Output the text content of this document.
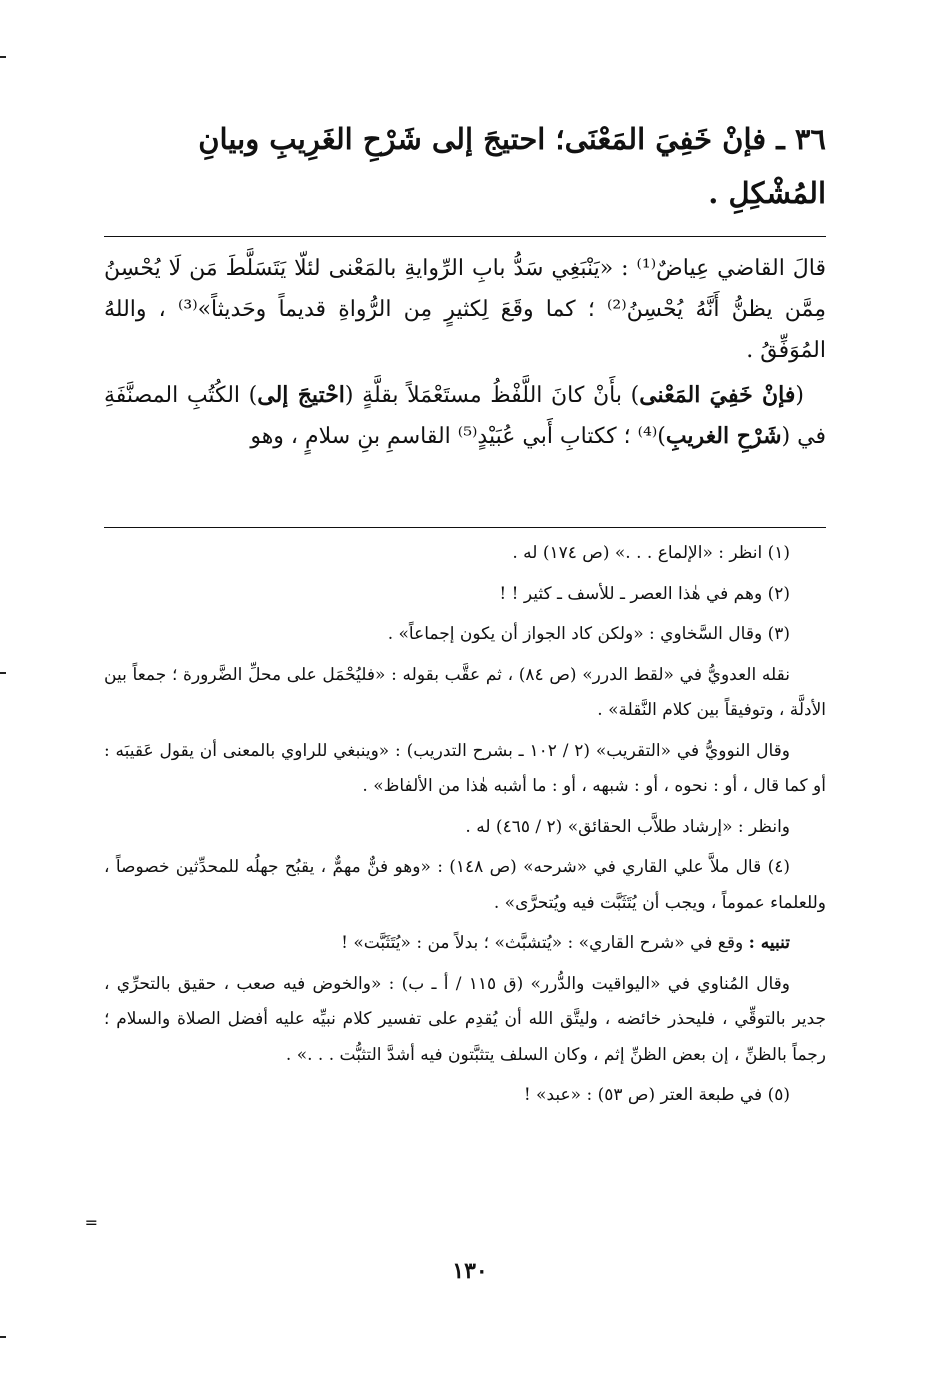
٣٦ ـ فإنْ خَفِيَ المَعْنَى؛ احتيجَ إلى شَرْحِ الغَرِيبِ وبيانِ
المُشْكِلِ .

قالَ القاضي عِياضٌ⁽¹⁾ : «يَنْبَغِي سَدُّ بابِ الرِّوايةِ بالمَعْنى لئلّا يَتَسَلَّطَ مَن لَا يُحْسِنُ مِمَّن يظنُّ أَنَّهُ يُحْسِنُ⁽²⁾ ؛ كما وقَعَ لِكثيرٍ مِن الرُّواةِ قديماً وحَديثاً»⁽³⁾ ، واللهُ المُوَفِّقُ .

(فإنْ خَفِيَ المَعْنى) بأَنْ كانَ اللَّفْظُ مستَعْمَلاً بقلَّةٍ (احْتيجَ إلى) الكُتُبِ المصنَّفَةِ في (شَرْحِ الغريبِ)⁽⁴⁾ ؛ ككتابِ أَبي عُبَيْدٍ⁽⁵⁾ القاسمِ بنِ سلامٍ ، وهو

(١) انظر : «الإلماع . . .» (ص ١٧٤) له .

(٢) وهم في هٰذا العصر ـ للأسف ـ كثير ! !

(٣) وقال السَّخاوي : «ولكن كاد الجواز أن يكون إجماعاً» .

نقله العدويُّ في «لقط الدرر» (ص ٨٤) ، ثم عقَّب بقوله : «فليُحْمَل على محلِّ الضَّرورة ؛ جمعاً بين الأدلَّة ، وتوفيقاً بين كلام النَّقلة» .

وقال النوويُّ في «التقريب» (٢ / ١٠٢ ـ بشرح التدريب) : «وينبغي للراوي بالمعنى أن يقول عَقيبَه : أو كما قال ، أو : نحوه ، أو : شبهه ، أو : ما أشبه هٰذا من الألفاظ» .

وانظر : «إرشاد طلاَّب الحقائق» (٢ / ٤٦٥) له .

(٤) قال ملاَّ علي القاري في «شرحه» (ص ١٤٨) : «وهو فنٌّ مهمٌّ ، يقبُح جهلُه للمحدِّثين خصوصاً ، وللعلماء عموماً ، ويجب أن يُتَثَبَّت فيه ويُتحرَّى» .

تنبيه : وقع في «شرح القاري» : «يُتشبَّث» ؛ بدلاً من : «يُتَثَبَّت» !

وقال المُناوي في «اليواقيت والدُّرر» (ق ١١٥ / أ ـ ب) : «والخوض فيه صعب ، حقيق بالتحرِّي ، جدير بالتوقِّي ، فليحذر خائضه ، وليتَّق الله أن يُقدِم على تفسير كلام نبيِّه عليه أفضل الصلاة والسلام ؛ رجماً بالظنِّ ، إن بعض الظنِّ إثم ، وكان السلف يتثبَّتون فيه أشدَّ التثبُّت . . .» .

(٥) في طبعة العتر (ص ٥٣) : «عبد» !

=
١٣٠
